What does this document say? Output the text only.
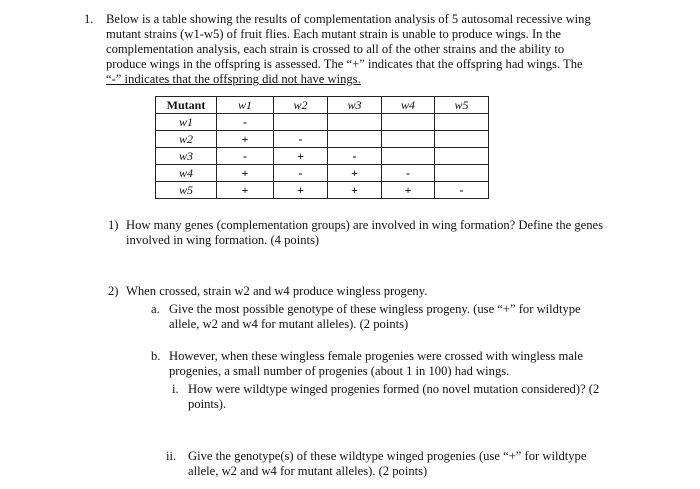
1. Below is a table showing the results of complementation analysis of 5 autosomal recessive wing
mutant strains (w1-w5) of fruit flies. Each mutant strain is unable to produce wings. In the
complementation analysis, each strain is crossed to all of the other strains and the ability to
produce wings in the offspring is assessed. The “+” indicates that the offspring had wings. The
“-” indicates that the offspring did not have wings.
Mutant	w1	w2	w3	w4	w5
w1	-				
w2	+	-			
w3	-	+	-		
w4	+	-	+	-	
w5	+	+	+	+	-
1) How many genes (complementation groups) are involved in wing formation? Define the genes
involved in wing formation. (4 points)
2) When crossed, strain w2 and w4 produce wingless progeny.
a. Give the most possible genotype of these wingless progeny. (use “+” for wildtype
allele, w2 and w4 for mutant alleles). (2 points)
b. However, when these wingless female progenies were crossed with wingless male
progenies, a small number of progenies (about 1 in 100) had wings.
i. How were wildtype winged progenies formed (no novel mutation considered)? (2
points).
ii. Give the genotype(s) of these wildtype winged progenies (use “+” for wildtype
allele, w2 and w4 for mutant alleles). (2 points)
